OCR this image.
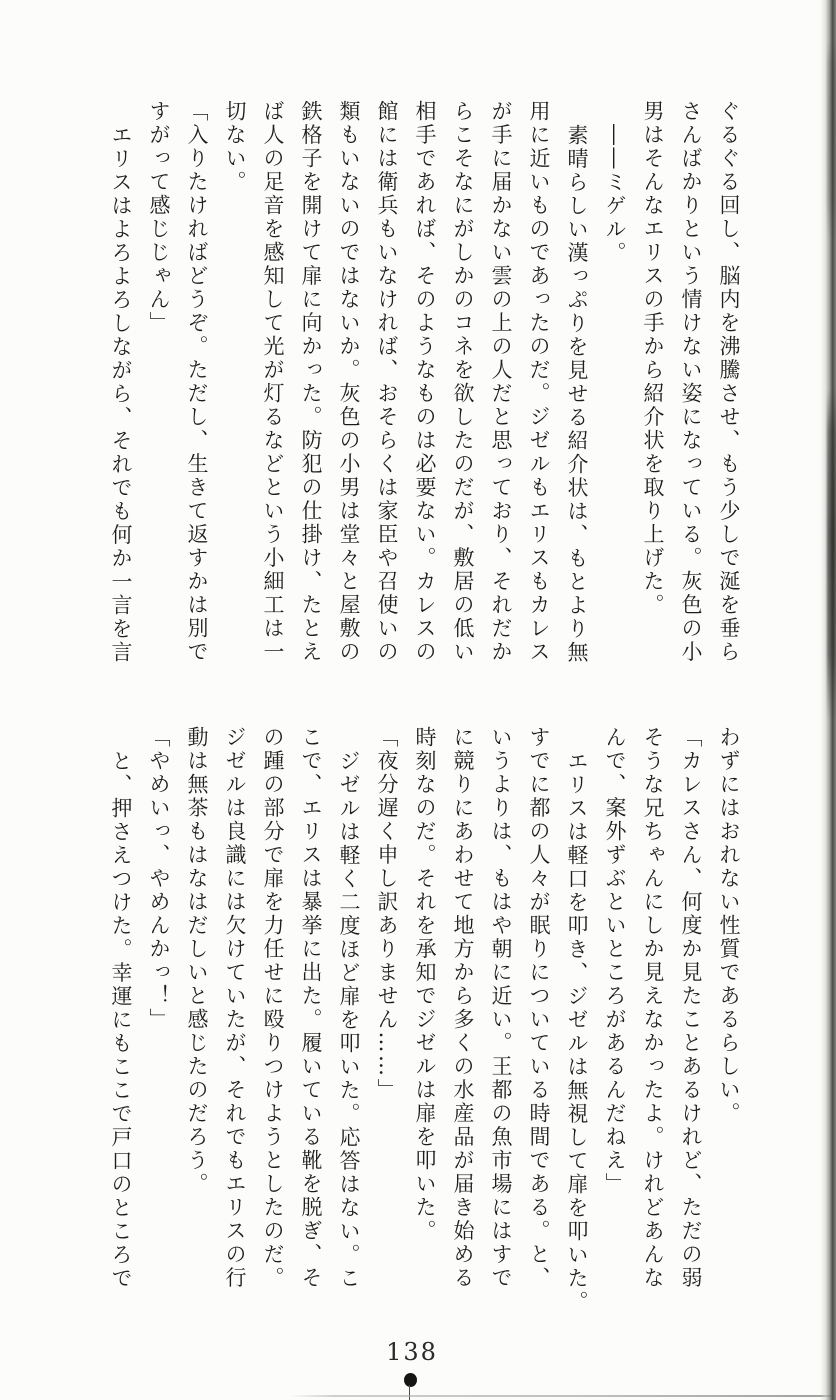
ぐるぐる回し、脳内を沸騰させ、もう少しで涎を垂ら
さんばかりという情けない姿になっている。灰色の小
男はそんなエリスの手から紹介状を取り上げた。
――ミゲル。
素晴らしい漢っぷりを見せる紹介状は、もとより無
用に近いものであったのだ。ジゼルもエリスもカレス
が手に届かない雲の上の人だと思っており、それだか
らこそなにがしかのコネを欲したのだが、敷居の低い
相手であれば、そのようなものは必要ない。カレスの
館には衛兵もいなければ、おそらくは家臣や召使いの
類もいないのではないか。灰色の小男は堂々と屋敷の
鉄格子を開けて扉に向かった。防犯の仕掛け、たとえ
ば人の足音を感知して光が灯るなどという小細工は一
切ない。
「入りたければどうぞ。ただし、生きて返すかは別で
すがって感じじゃん」
エリスはよろよろしながら、それでも何か一言を言
わずにはおれない性質であるらしい。
「カレスさん、何度か見たことあるけれど、ただの弱
そうな兄ちゃんにしか見えなかったよ。けれどあんな
んで、案外ずぶといところがあるんだねえ」
エリスは軽口を叩き、ジゼルは無視して扉を叩いた。
すでに都の人々が眠りについている時間である。と、
いうよりは、もはや朝に近い。王都の魚市場にはすで
に競りにあわせて地方から多くの水産品が届き始める
時刻なのだ。それを承知でジゼルは扉を叩いた。
「夜分遅く申し訳ありません……」
ジゼルは軽く二度ほど扉を叩いた。応答はない。こ
こで、エリスは暴挙に出た。履いている靴を脱ぎ、そ
の踵の部分で扉を力任せに殴りつけようとしたのだ。
ジゼルは良識には欠けていたが、それでもエリスの行
動は無茶もはなはだしいと感じたのだろう。
「やめいっ、やめんかっ！」
と、押さえつけた。幸運にもここで戸口のところで
138
